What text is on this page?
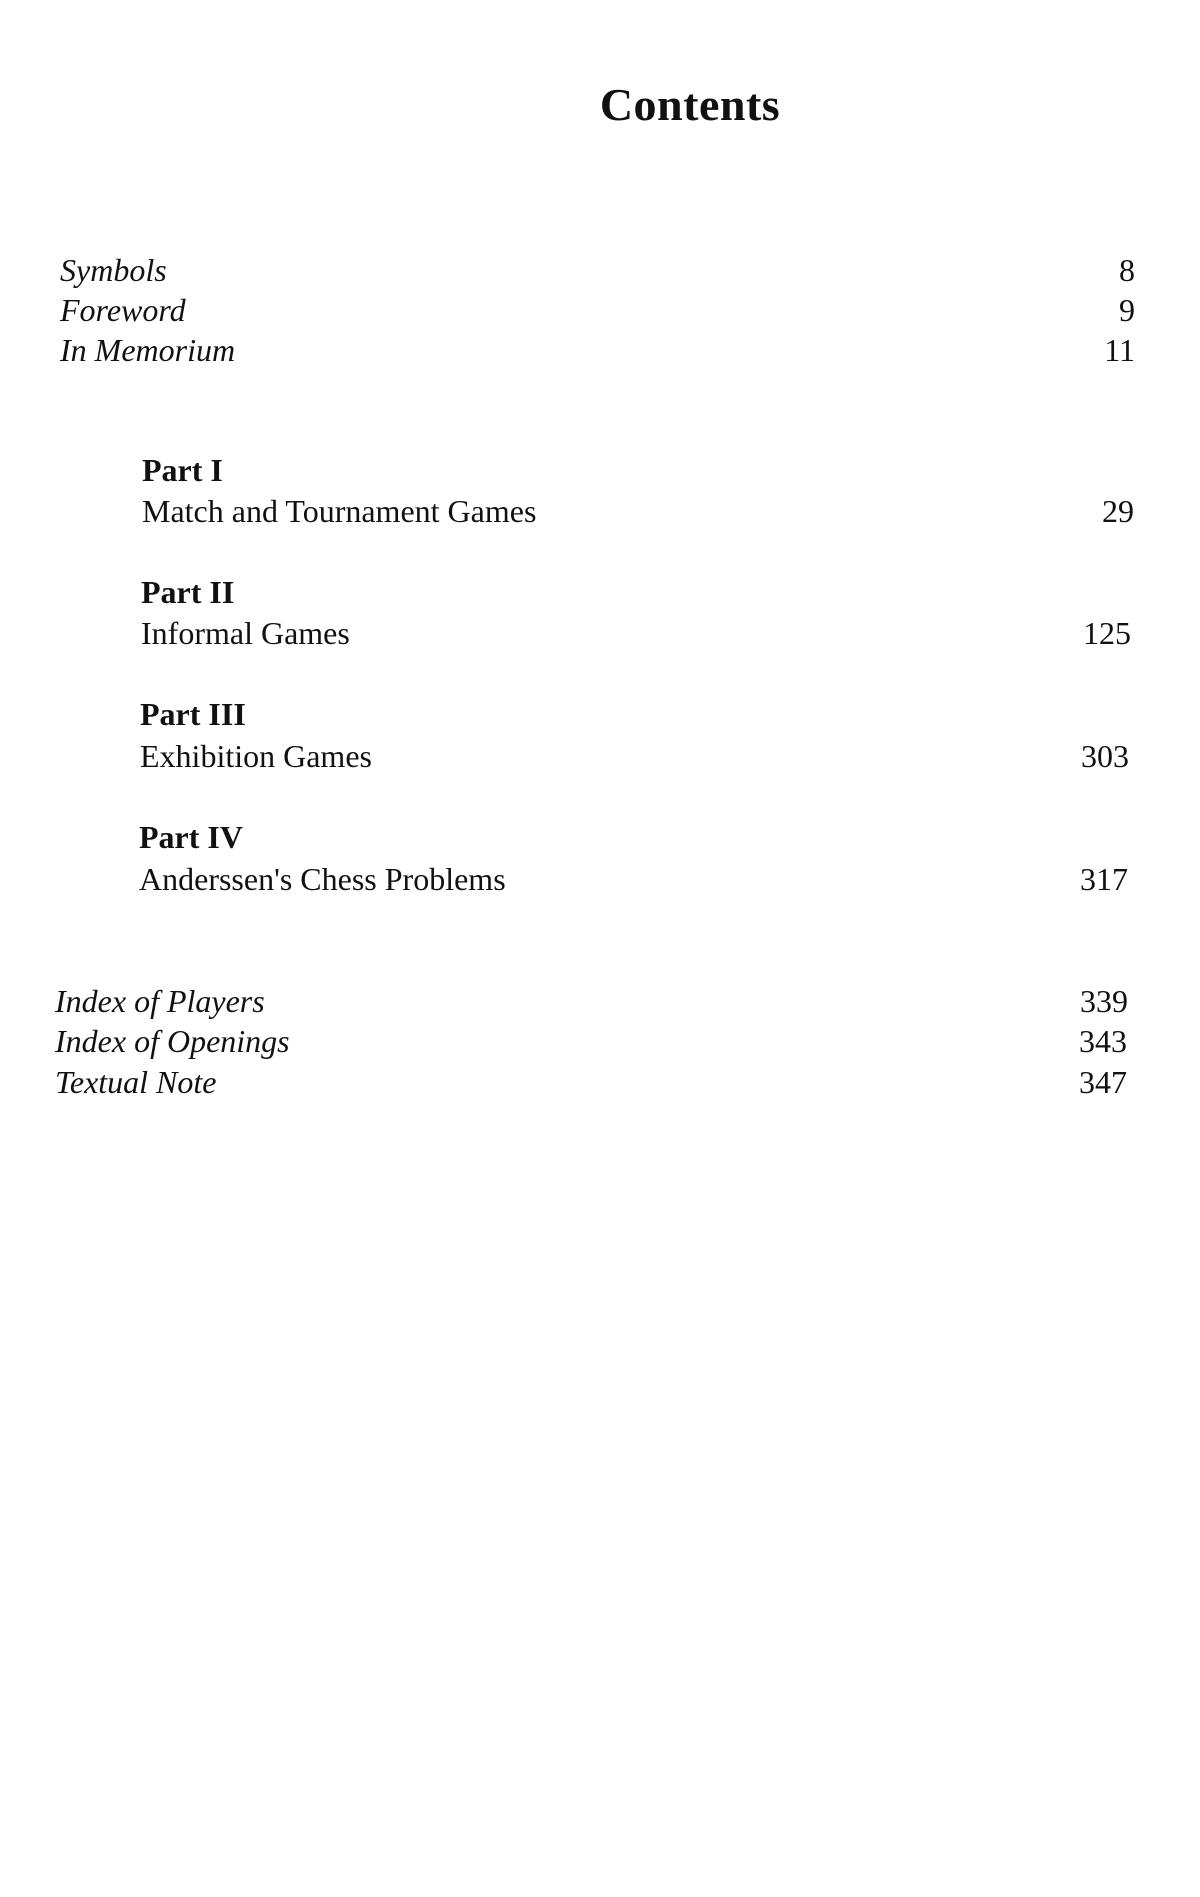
Contents
Symbols	8
Foreword	9
In Memorium	11
Part I
Match and Tournament Games	29
Part II
Informal Games	125
Part III
Exhibition Games	303
Part IV
Anderssen's Chess Problems	317
Index of Players	339
Index of Openings	343
Textual Note	347
